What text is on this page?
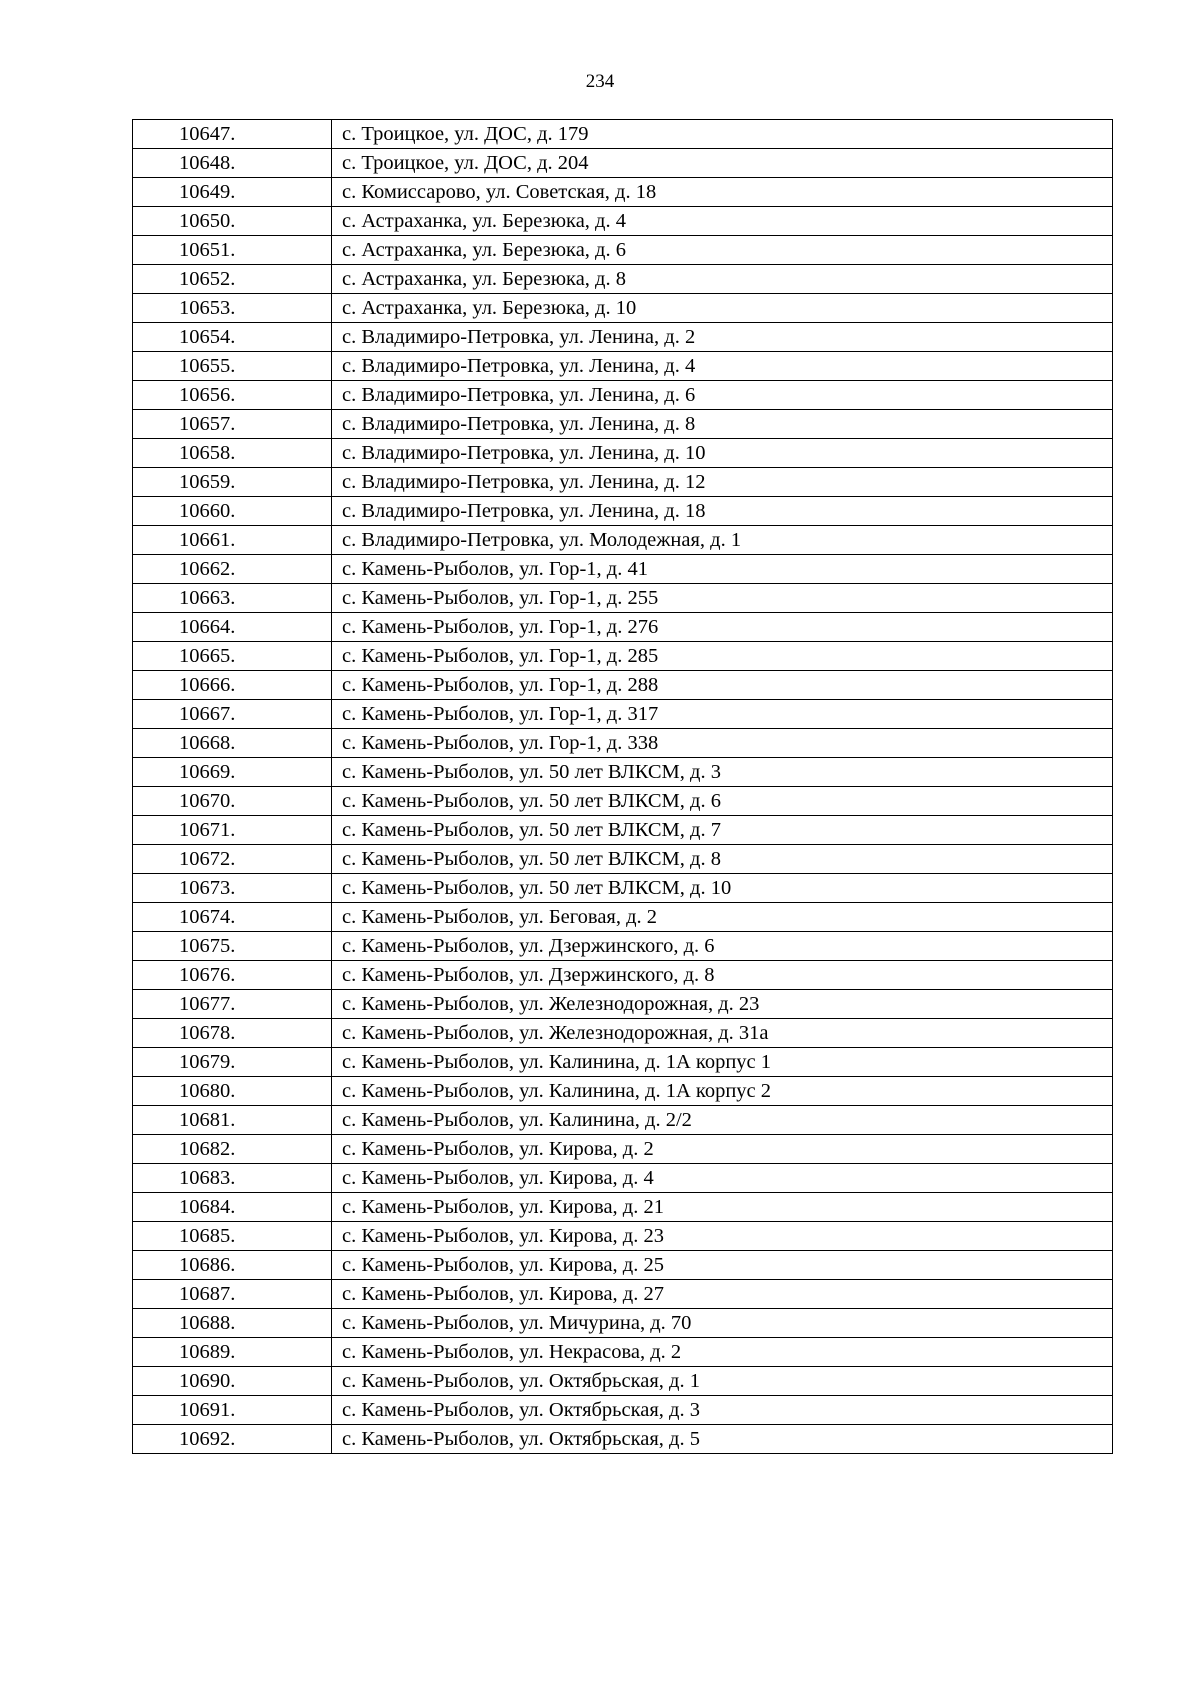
234
10647.	с. Троицкое, ул. ДОС, д. 179
10648.	с. Троицкое, ул. ДОС, д. 204
10649.	с. Комиссарово, ул. Советская, д. 18
10650.	с. Астраханка, ул. Березюка, д. 4
10651.	с. Астраханка, ул. Березюка, д. 6
10652.	с. Астраханка, ул. Березюка, д. 8
10653.	с. Астраханка, ул. Березюка, д. 10
10654.	с. Владимиро-Петровка, ул. Ленина, д. 2
10655.	с. Владимиро-Петровка, ул. Ленина, д. 4
10656.	с. Владимиро-Петровка, ул. Ленина, д. 6
10657.	с. Владимиро-Петровка, ул. Ленина, д. 8
10658.	с. Владимиро-Петровка, ул. Ленина, д. 10
10659.	с. Владимиро-Петровка, ул. Ленина, д. 12
10660.	с. Владимиро-Петровка, ул. Ленина, д. 18
10661.	с. Владимиро-Петровка, ул. Молодежная, д. 1
10662.	с. Камень-Рыболов, ул. Гор-1, д. 41
10663.	с. Камень-Рыболов, ул. Гор-1, д. 255
10664.	с. Камень-Рыболов, ул. Гор-1, д. 276
10665.	с. Камень-Рыболов, ул. Гор-1, д. 285
10666.	с. Камень-Рыболов, ул. Гор-1, д. 288
10667.	с. Камень-Рыболов, ул. Гор-1, д. 317
10668.	с. Камень-Рыболов, ул. Гор-1, д. 338
10669.	с. Камень-Рыболов, ул. 50 лет ВЛКСМ, д. 3
10670.	с. Камень-Рыболов, ул. 50 лет ВЛКСМ, д. 6
10671.	с. Камень-Рыболов, ул. 50 лет ВЛКСМ, д. 7
10672.	с. Камень-Рыболов, ул. 50 лет ВЛКСМ, д. 8
10673.	с. Камень-Рыболов, ул. 50 лет ВЛКСМ, д. 10
10674.	с. Камень-Рыболов, ул. Беговая, д. 2
10675.	с. Камень-Рыболов, ул. Дзержинского, д. 6
10676.	с. Камень-Рыболов, ул. Дзержинского, д. 8
10677.	с. Камень-Рыболов, ул. Железнодорожная, д. 23
10678.	с. Камень-Рыболов, ул. Железнодорожная, д. 31а
10679.	с. Камень-Рыболов, ул. Калинина, д. 1А корпус 1
10680.	с. Камень-Рыболов, ул. Калинина, д. 1А корпус 2
10681.	с. Камень-Рыболов, ул. Калинина, д. 2/2
10682.	с. Камень-Рыболов, ул. Кирова, д. 2
10683.	с. Камень-Рыболов, ул. Кирова, д. 4
10684.	с. Камень-Рыболов, ул. Кирова, д. 21
10685.	с. Камень-Рыболов, ул. Кирова, д. 23
10686.	с. Камень-Рыболов, ул. Кирова, д. 25
10687.	с. Камень-Рыболов, ул. Кирова, д. 27
10688.	с. Камень-Рыболов, ул. Мичурина, д. 70
10689.	с. Камень-Рыболов, ул. Некрасова, д. 2
10690.	с. Камень-Рыболов, ул. Октябрьская, д. 1
10691.	с. Камень-Рыболов, ул. Октябрьская, д. 3
10692.	с. Камень-Рыболов, ул. Октябрьская, д. 5
